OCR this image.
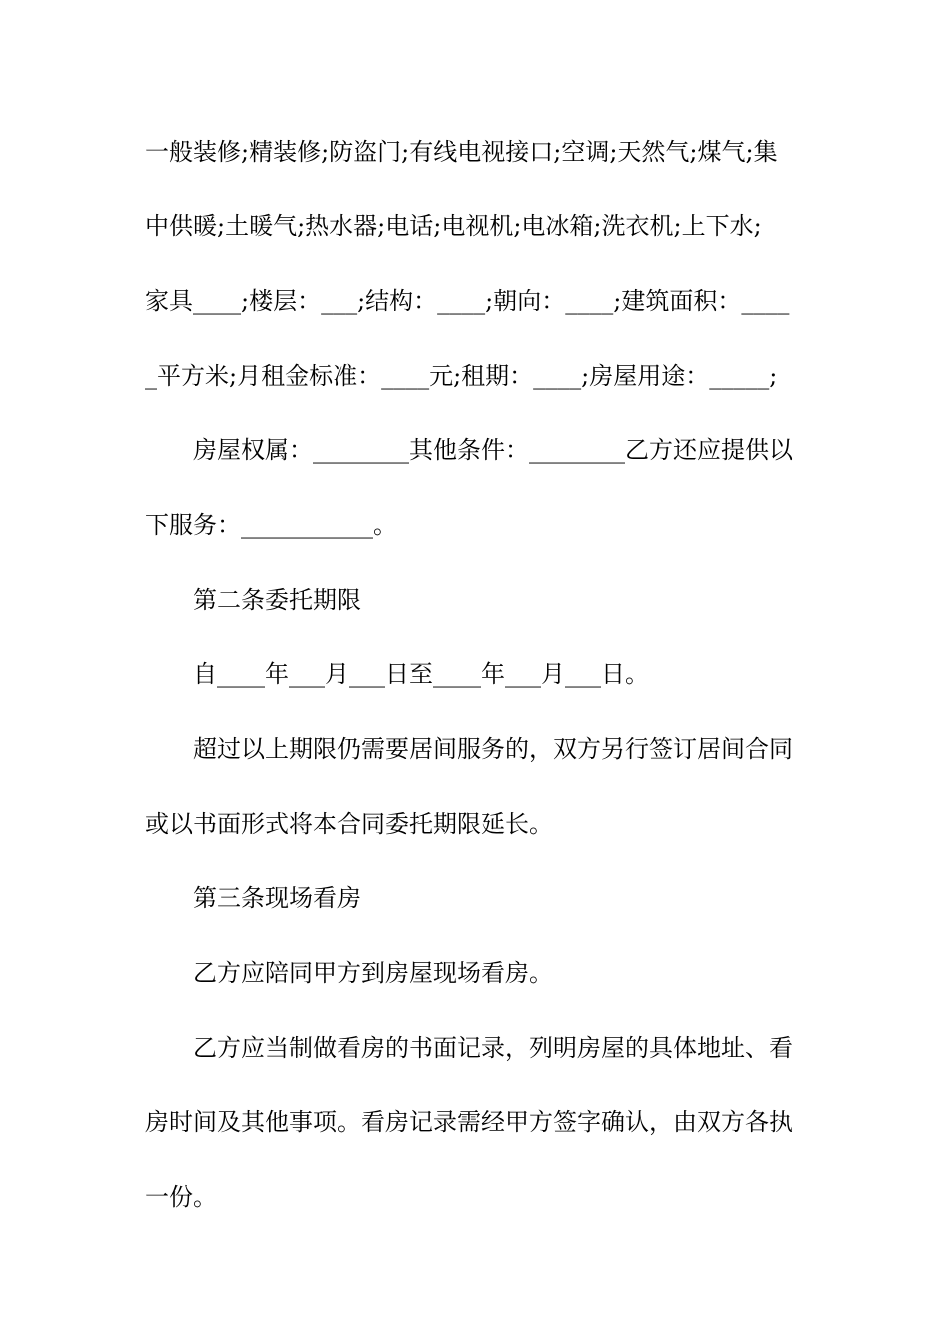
一般装修;精装修;防盗门;有线电视接口;空调;天然气;煤气;集
中供暖;土暖气;热水器;电话;电视机;电冰箱;洗衣机;上下水;
家具____;楼层：___;结构：____;朝向：____;建筑面积：____
_平方米;月租金标准：____元;租期：____;房屋用途：_____;
房屋权属：________其他条件：________乙方还应提供以
下服务：___________。
第二条委托期限
自____年___月___日至____年___月___日。
超过以上期限仍需要居间服务的，双方另行签订居间合同
或以书面形式将本合同委托期限延长。
第三条现场看房
乙方应陪同甲方到房屋现场看房。
乙方应当制做看房的书面记录，列明房屋的具体地址、看
房时间及其他事项。看房记录需经甲方签字确认，由双方各执
一份。
